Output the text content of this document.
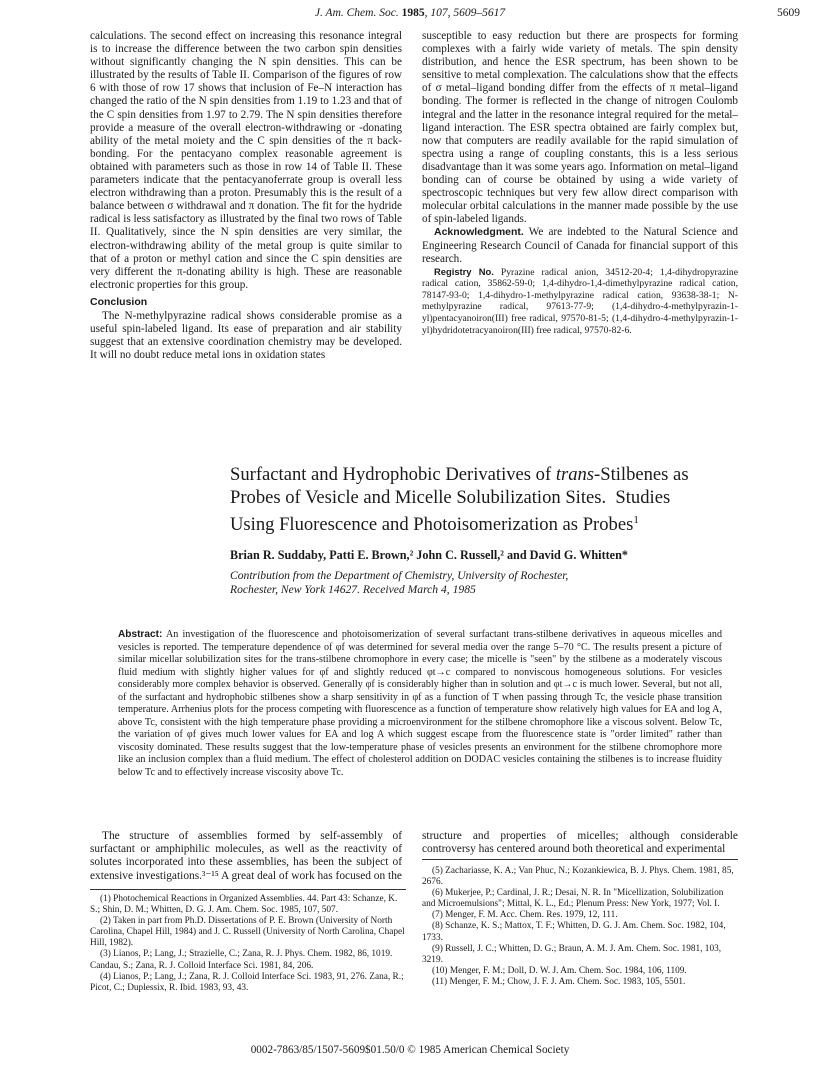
J. Am. Chem. Soc. 1985, 107, 5609–5617	5609

calculations. The second effect on increasing this resonance integral is to increase the difference between the two carbon spin densities without significantly changing the N spin densities. This can be illustrated by the results of Table II. Comparison of the figures of row 6 with those of row 17 shows that inclusion of Fe–N interaction has changed the ratio of the N spin densities from 1.19 to 1.23 and that of the C spin densities from 1.97 to 2.79. The N spin densities therefore provide a measure of the overall electron-withdrawing or -donating ability of the metal moiety and the C spin densities of the π back-bonding. For the pentacyano complex reasonable agreement is obtained with parameters such as those in row 14 of Table II. These parameters indicate that the pentacyanoferrate group is overall less electron withdrawing than a proton. Presumably this is the result of a balance between σ withdrawal and π donation. The fit for the hydride radical is less satisfactory as illustrated by the final two rows of Table II. Qualitatively, since the N spin densities are very similar, the electron-withdrawing ability of the metal group is quite similar to that of a proton or methyl cation and since the C spin densities are very different the π-donating ability is high. These are reasonable electronic properties for this group.

Conclusion

The N-methylpyrazine radical shows considerable promise as a useful spin-labeled ligand. Its ease of preparation and air stability suggest that an extensive coordination chemistry may be developed. It will no doubt reduce metal ions in oxidation states

susceptible to easy reduction but there are prospects for forming complexes with a fairly wide variety of metals. The spin density distribution, and hence the ESR spectrum, has been shown to be sensitive to metal complexation. The calculations show that the effects of σ metal–ligand bonding differ from the effects of π metal–ligand bonding. The former is reflected in the change of nitrogen Coulomb integral and the latter in the resonance integral required for the metal–ligand interaction. The ESR spectra obtained are fairly complex but, now that computers are readily available for the rapid simulation of spectra using a range of coupling constants, this is a less serious disadvantage than it was some years ago. Information on metal–ligand bonding can of course be obtained by using a wide variety of spectroscopic techniques but very few allow direct comparison with molecular orbital calculations in the manner made possible by the use of spin-labeled ligands.

Acknowledgment. We are indebted to the Natural Science and Engineering Research Council of Canada for financial support of this research.

Registry No. Pyrazine radical anion, 34512-20-4; 1,4-dihydropyrazine radical cation, 35862-59-0; 1,4-dihydro-1,4-dimethylpyrazine radical cation, 78147-93-0; 1,4-dihydro-1-methylpyrazine radical cation, 93638-38-1; N-methylpyrazine radical, 97613-77-9; (1,4-dihydro-4-methylpyrazin-1-yl)pentacyanoiron(III) free radical, 97570-81-5; (1,4-dihydro-4-methylpyrazin-1-yl)hydridotetracyanoiron(III) free radical, 97570-82-6.

Surfactant and Hydrophobic Derivatives of trans-Stilbenes as
Probes of Vesicle and Micelle Solubilization Sites. Studies
Using Fluorescence and Photoisomerization as Probes$^1$
Brian R. Suddaby, Patti E. Brown,² John C. Russell,² and David G. Whitten*
Contribution from the Department of Chemistry, University of Rochester,
Rochester, New York 14627. Received March 4, 1985
Abstract: An investigation of the fluorescence and photoisomerization of several surfactant trans-stilbene derivatives in aqueous micelles and vesicles is reported. The temperature dependence of φf was determined for several media over the range 5–70 °C. The results present a picture of similar micellar solubilization sites for the trans-stilbene chromophore in every case; the micelle is "seen" by the stilbene as a moderately viscous fluid medium with slightly higher values for φf and slightly reduced φt→c compared to nonviscous homogeneous solutions. For vesicles considerably more complex behavior is observed. Generally φf is considerably higher than in solution and φt→c is much lower. Several, but not all, of the surfactant and hydrophobic stilbenes show a sharp sensitivity in φf as a function of T when passing through Tc, the vesicle phase transition temperature. Arrhenius plots for the process competing with fluorescence as a function of temperature show relatively high values for EA and log A, above Tc, consistent with the high temperature phase providing a microenvironment for the stilbene chromophore like a viscous solvent. Below Tc, the variation of φf gives much lower values for EA and log A which suggest escape from the fluorescence state is "order limited" rather than viscosity dominated. These results suggest that the low-temperature phase of vesicles presents an environment for the stilbene chromophore more like an inclusion complex than a fluid medium. The effect of cholesterol addition on DODAC vesicles containing the stilbenes is to increase fluidity below Tc and to effectively increase viscosity above Tc.

The structure of assemblies formed by self-assembly of surfactant or amphiphilic molecules, as well as the reactivity of solutes incorporated into these assemblies, has been the subject of extensive investigations.³⁻¹⁵ A great deal of work has focused on the

structure and properties of micelles; although considerable controversy has centered around both theoretical and experimental

(1) Photochemical Reactions in Organized Assemblies. 44. Part 43: Schanze, K. S.; Shin, D. M.; Whitten, D. G. J. Am. Chem. Soc. 1985, 107, 507.

(2) Taken in part from Ph.D. Dissertations of P. E. Brown (University of North Carolina, Chapel Hill, 1984) and J. C. Russell (University of North Carolina, Chapel Hill, 1982).

(3) Lianos, P.; Lang, J.; Strazielle, C.; Zana, R. J. Phys. Chem. 1982, 86, 1019. Candau, S.; Zana, R. J. Colloid Interface Sci. 1981, 84, 206.

(4) Lianos, P.; Lang, J.; Zana, R. J. Colloid Interface Sci. 1983, 91, 276. Zana, R.; Picot, C.; Duplessix, R. Ibid. 1983, 93, 43.

(5) Zachariasse, K. A.; Van Phuc, N.; Kozankiewica, B. J. Phys. Chem. 1981, 85, 2676.

(6) Mukerjee, P.; Cardinal, J. R.; Desai, N. R. In "Micellization, Solubilization and Microemulsions"; Mittal, K. L., Ed.; Plenum Press: New York, 1977; Vol. I.

(7) Menger, F. M. Acc. Chem. Res. 1979, 12, 111.

(8) Schanze, K. S.; Mattox, T. F.; Whitten, D. G. J. Am. Chem. Soc. 1982, 104, 1733.

(9) Russell, J. C.; Whitten, D. G.; Braun, A. M. J. Am. Chem. Soc. 1981, 103, 3219.

(10) Menger, F. M.; Doll, D. W. J. Am. Chem. Soc. 1984, 106, 1109.

(11) Menger, F. M.; Chow, J. F. J. Am. Chem. Soc. 1983, 105, 5501.

0002-7863/85/1507-5609$01.50/0 © 1985 American Chemical Society
